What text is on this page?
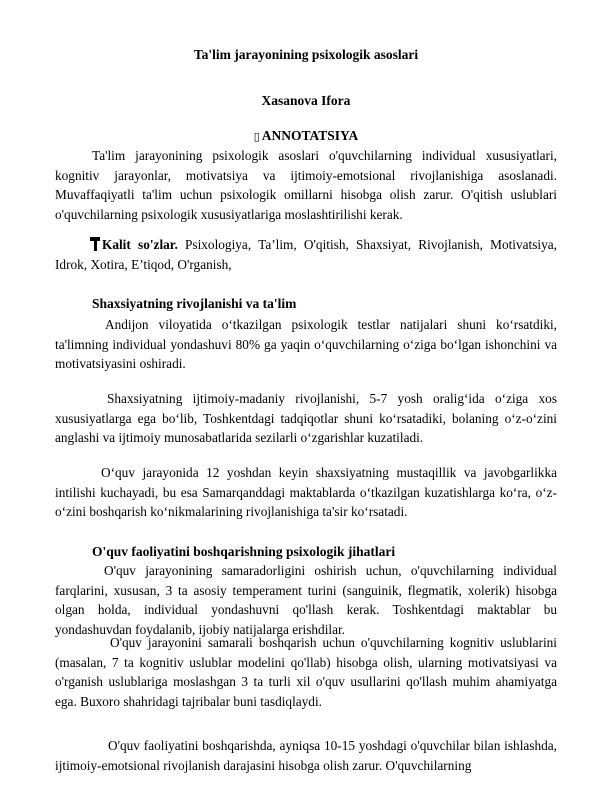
Ta'lim jarayonining psixologik asoslari
Xasanova Ifora
▯ ANNOTATSIYA

Ta'lim jarayonining psixologik asoslari o'quvchilarning individual xususiyatlari, kognitiv jarayonlar, motivatsiya va ijtimoiy-emotsional rivojlanishiga asoslanadi. Muvaffaqiyatli ta'lim uchun psixologik omillarni hisobga olish zarur. O'qitish uslublari o'quvchilarning psixologik xususiyatlariga moslashtirilishi kerak.

Kalit so'zlar. Psixologiya, Ta’lim, O'qitish, Shaxsiyat, Rivojlanish, Motivatsiya, Idrok, Xotira, E’tiqod, O'rganish,

Shaxsiyatning rivojlanishi va ta'lim

Andijon viloyatida o‘tkazilgan psixologik testlar natijalari shuni ko‘rsatdiki, ta'limning individual yondashuvi 80% ga yaqin o‘quvchilarning o‘ziga bo‘lgan ishonchini va motivatsiyasini oshiradi.

Shaxsiyatning ijtimoiy-madaniy rivojlanishi, 5-7 yosh oralig‘ida o‘ziga xos xususiyatlarga ega bo‘lib, Toshkentdagi tadqiqotlar shuni ko‘rsatadiki, bolaning o‘z-o‘zini anglashi va ijtimoiy munosabatlarida sezilarli o‘zgarishlar kuzatiladi.

O‘quv jarayonida 12 yoshdan keyin shaxsiyatning mustaqillik va javobgarlikka intilishi kuchayadi, bu esa Samarqanddagi maktablarda o‘tkazilgan kuzatishlarga ko‘ra, o‘z-o‘zini boshqarish ko‘nikmalarining rivojlanishiga ta'sir ko‘rsatadi.

O'quv faoliyatini boshqarishning psixologik jihatlari

O'quv jarayonining samaradorligini oshirish uchun, o'quvchilarning individual farqlarini, xususan, 3 ta asosiy temperament turini (sanguinik, flegmatik, xolerik) hisobga olgan holda, individual yondashuvni qo'llash kerak. Toshkentdagi maktablar bu yondashuvdan foydalanib, ijobiy natijalarga erishdilar.

O'quv jarayonini samarali boshqarish uchun o'quvchilarning kognitiv uslublarini (masalan, 7 ta kognitiv uslublar modelini qo'llab) hisobga olish, ularning motivatsiyasi va o'rganish uslublariga moslashgan 3 ta turli xil o'quv usullarini qo'llash muhim ahamiyatga ega. Buxoro shahridagi tajribalar buni tasdiqlaydi.

O'quv faoliyatini boshqarishda, ayniqsa 10-15 yoshdagi o'quvchilar bilan ishlashda, ijtimoiy-emotsional rivojlanish darajasini hisobga olish zarur. O'quvchilarning
